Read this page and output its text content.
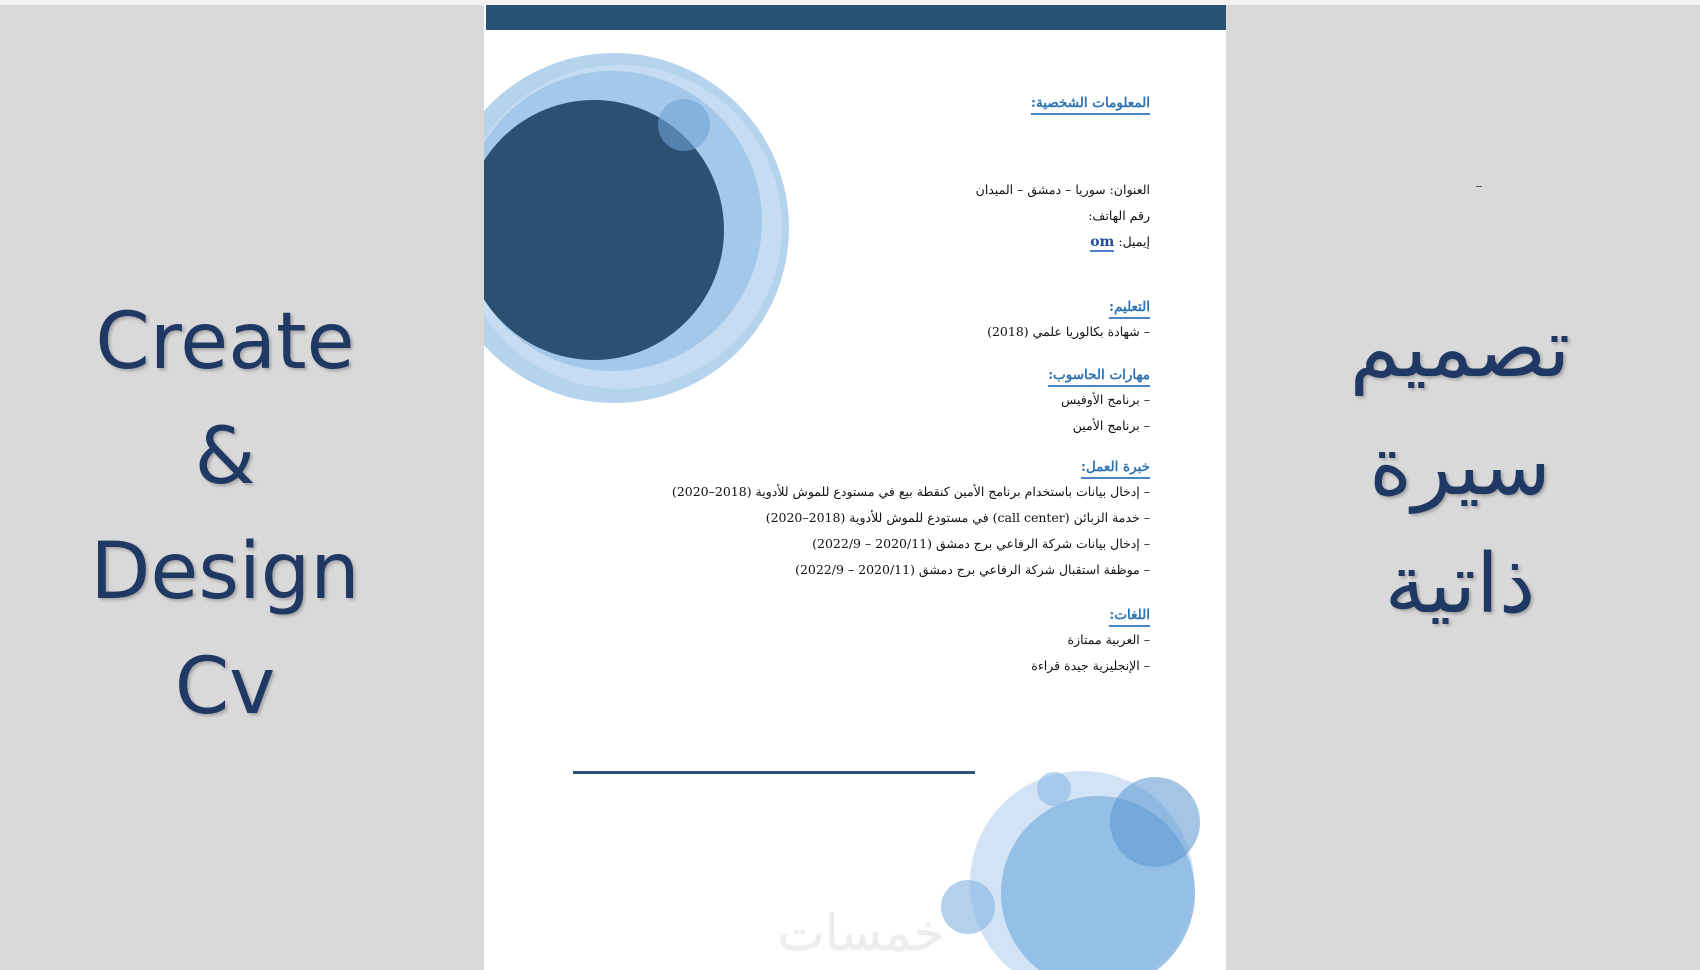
Create
&
Design
Cv
تصميم
سيرة
ذاتية
المعلومات الشخصية:
العنوان: سوريا – دمشق – الميدان
رقم الهاتف:
إيميل: om
التعليم:
– شهادة بكالوريا علمي (2018)
مهارات الحاسوب:
– برنامج الأوفيس
– برنامج الأمين
خبرة العمل:
– إدخال بيانات باستخدام برنامج الأمين كنقطة بيع في مستودع للموش للأدوية (2018–2020)
– خدمة الزبائن (call center) في مستودع للموش للأدوية (2018–2020)
– إدخال بيانات شركة الرفاعي برج دمشق (2020/11 – 2022/9)
– موظفة استقبال شركة الرفاعي برج دمشق (2020/11 – 2022/9)
اللغات:
– العربية ممتازة
– الإنجليزية جيدة قراءة
خمسات
